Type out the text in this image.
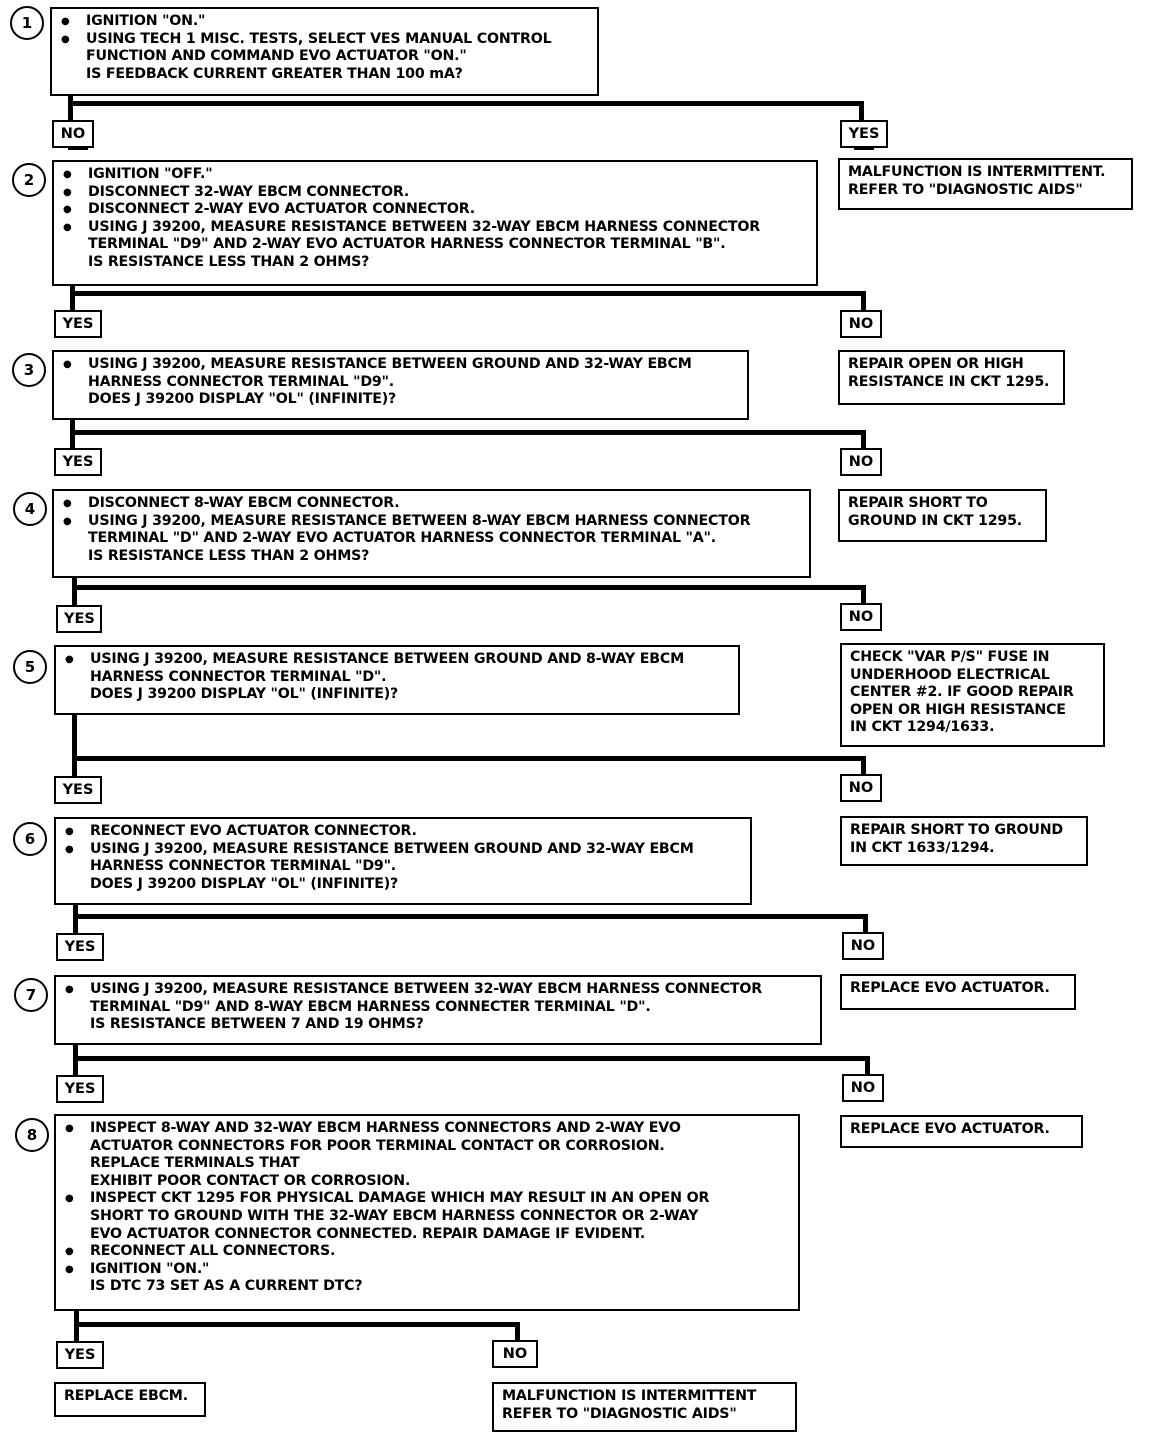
1	● IGNITION "ON."
● USING TECH 1 MISC. TESTS, SELECT VES MANUAL CONTROL
FUNCTION AND COMMAND EVO ACTUATOR "ON."
IS FEEDBACK CURRENT GREATER THAN 100 mA?
NO	YES
MALFUNCTION IS INTERMITTENT.
REFER TO "DIAGNOSTIC AIDS"
2	● IGNITION "OFF."
● DISCONNECT 32-WAY EBCM CONNECTOR.
● DISCONNECT 2-WAY EVO ACTUATOR CONNECTOR.
● USING J 39200, MEASURE RESISTANCE BETWEEN 32-WAY EBCM HARNESS CONNECTOR
TERMINAL "D9" AND 2-WAY EVO ACTUATOR HARNESS CONNECTOR TERMINAL "B".
IS RESISTANCE LESS THAN 2 OHMS?
YES	NO
REPAIR OPEN OR HIGH
RESISTANCE IN CKT 1295.
3	● USING J 39200, MEASURE RESISTANCE BETWEEN GROUND AND 32-WAY EBCM
HARNESS CONNECTOR TERMINAL "D9".
DOES J 39200 DISPLAY "OL" (INFINITE)?
YES	NO
REPAIR SHORT TO
GROUND IN CKT 1295.
4	● DISCONNECT 8-WAY EBCM CONNECTOR.
● USING J 39200, MEASURE RESISTANCE BETWEEN 8-WAY EBCM HARNESS CONNECTOR
TERMINAL "D" AND 2-WAY EVO ACTUATOR HARNESS CONNECTOR TERMINAL "A".
IS RESISTANCE LESS THAN 2 OHMS?
YES	NO
CHECK "VAR P/S" FUSE IN
UNDERHOOD ELECTRICAL
CENTER #2. IF GOOD REPAIR
OPEN OR HIGH RESISTANCE
IN CKT 1294/1633.
5	● USING J 39200, MEASURE RESISTANCE BETWEEN GROUND AND 8-WAY EBCM
HARNESS CONNECTOR TERMINAL "D".
DOES J 39200 DISPLAY "OL" (INFINITE)?
YES	NO
REPAIR SHORT TO GROUND
IN CKT 1633/1294.
6	● RECONNECT EVO ACTUATOR CONNECTOR.
● USING J 39200, MEASURE RESISTANCE BETWEEN GROUND AND 32-WAY EBCM
HARNESS CONNECTOR TERMINAL "D9".
DOES J 39200 DISPLAY "OL" (INFINITE)?
YES	NO
REPLACE EVO ACTUATOR.
7	● USING J 39200, MEASURE RESISTANCE BETWEEN 32-WAY EBCM HARNESS CONNECTOR
TERMINAL "D9" AND 8-WAY EBCM HARNESS CONNECTER TERMINAL "D".
IS RESISTANCE BETWEEN 7 AND 19 OHMS?
YES	NO
REPLACE EVO ACTUATOR.
8	● INSPECT 8-WAY AND 32-WAY EBCM HARNESS CONNECTORS AND 2-WAY EVO
ACTUATOR CONNECTORS FOR POOR TERMINAL CONTACT OR CORROSION.
REPLACE TERMINALS THAT
EXHIBIT POOR CONTACT OR CORROSION.
● INSPECT CKT 1295 FOR PHYSICAL DAMAGE WHICH MAY RESULT IN AN OPEN OR
SHORT TO GROUND WITH THE 32-WAY EBCM HARNESS CONNECTOR OR 2-WAY
EVO ACTUATOR CONNECTOR CONNECTED. REPAIR DAMAGE IF EVIDENT.
● RECONNECT ALL CONNECTORS.
● IGNITION "ON."
IS DTC 73 SET AS A CURRENT DTC?
YES	NO
REPLACE EBCM.	MALFUNCTION IS INTERMITTENT
REFER TO "DIAGNOSTIC AIDS"
